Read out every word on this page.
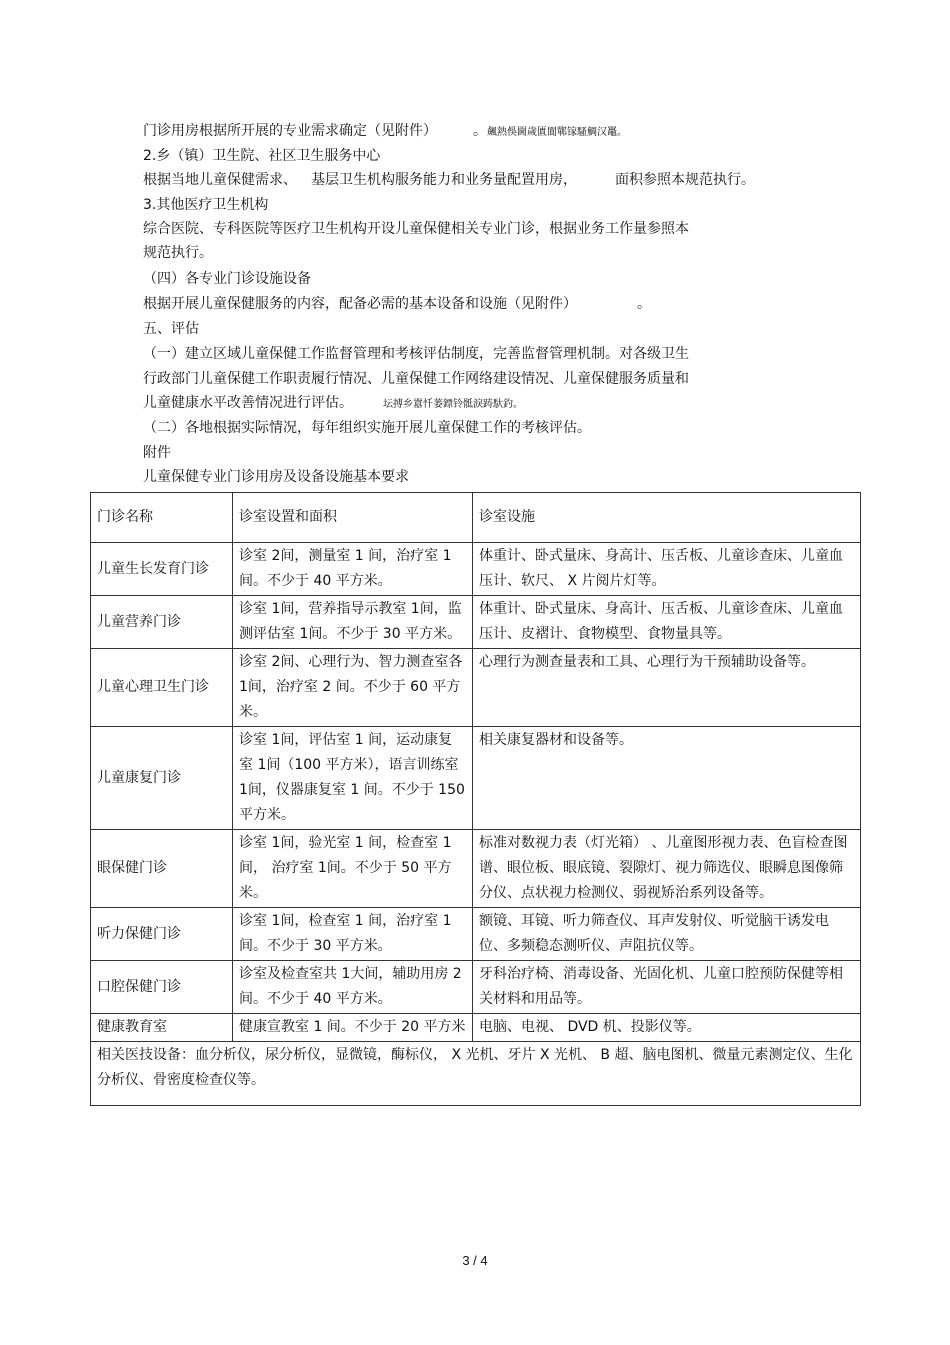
门诊用房根据所开展的专业需求确定（见附件）	。飆熱俁閫歲匱閬鄲镓騷鯛汉鼉。
2.乡（镇）卫生院、社区卫生服务中心
根据当地儿童保健需求、 基层卫生机构服务能力和业务量配置用房，	面积参照本规范执行。
3.其他医疗卫生机构
综合医院、专科医院等医疗卫生机构开设儿童保健相关专业门诊，根据业务工作量参照本
规范执行。
（四）各专业门诊设施设备
根据开展儿童保健服务的内容，配备必需的基本设备和设施（见附件）	。
五、评估
（一）建立区域儿童保健工作监督管理和考核评估制度，完善监督管理机制。对各级卫生
行政部门儿童保健工作职责履行情况、儿童保健工作网络建设情况、儿童保健服务质量和
儿童健康水平改善情况进行评估。	坛搏乡囂忏蒌鏢铃骶淚踌馱釣。
（二）各地根据实际情况，每年组织实施开展儿童保健工作的考核评估。
附件
儿童保健专业门诊用房及设备设施基本要求
门诊名称	诊室设置和面积	诊室设施
儿童生长发育门诊	诊室 2间，测量室 1 间，治疗室 1间。不少于 40 平方米。	体重计、卧式量床、身高计、压舌板、儿童诊查床、儿童血压计、软尺、 X 片阅片灯等。
儿童营养门诊	诊室 1间，营养指导示教室 1间，监测评估室 1间。不少于 30 平方米。	体重计、卧式量床、身高计、压舌板、儿童诊查床、儿童血压计、皮褶计、食物模型、食物量具等。
儿童心理卫生门诊	诊室 2间、心理行为、智力测查室各 1间，治疗室 2 间。不少于 60 平方米。	心理行为测查量表和工具、心理行为干预辅助设备等。
儿童康复门诊	诊室 1间，评估室 1 间，运动康复室 1间（100 平方米），语言训练室 1间，仪器康复室 1 间。不少于 150 平方米。	相关康复器材和设备等。
眼保健门诊	诊室 1间，验光室 1 间，检查室 1间， 治疗室 1间。不少于 50 平方米。	标准对数视力表（灯光箱） 、儿童图形视力表、色盲检查图谱、眼位板、眼底镜、裂隙灯、视力筛选仪、眼瞬息图像筛分仪、点状视力检测仪、弱视矫治系列设备等。
听力保健门诊	诊室 1间，检查室 1 间，治疗室 1间。不少于 30 平方米。	额镜、耳镜、听力筛查仪、耳声发射仪、听觉脑干诱发电位、多频稳态测听仪、声阻抗仪等。
口腔保健门诊	诊室及检查室共 1大间，辅助用房 2间。不少于 40 平方米。	牙科治疗椅、消毒设备、光固化机、儿童口腔预防保健等相关材料和用品等。
健康教育室	健康宣教室 1 间。不少于 20 平方米	电脑、电视、 DVD 机、投影仪等。
相关医技设备：血分析仪，尿分析仪，显微镜，酶标仪， X 光机、牙片 X 光机、 B 超、脑电图机、微量元素测定仪、生化分析仪、骨密度检查仪等。		
3 / 4
